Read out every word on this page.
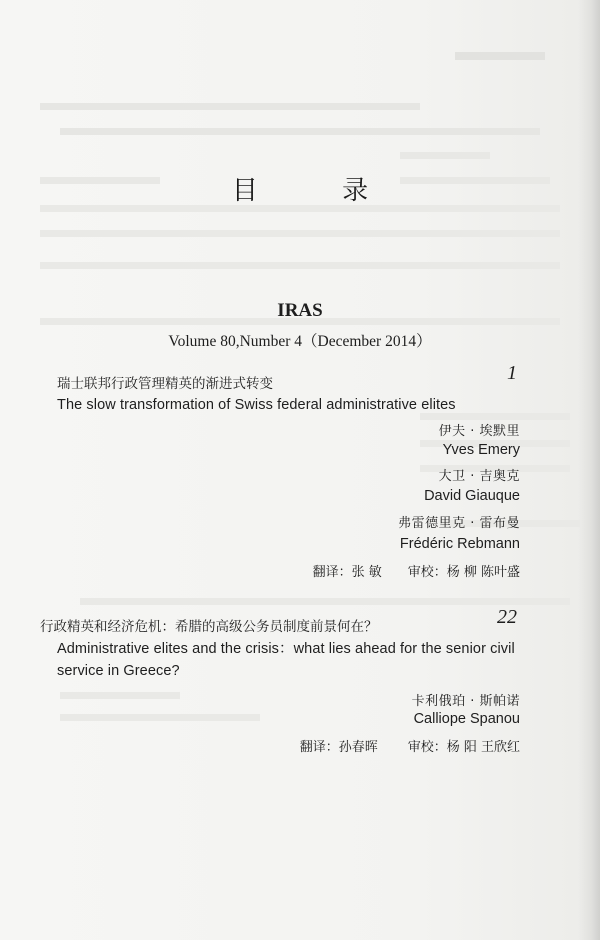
目 录
IRAS
Volume 80,Number 4（December 2014）
瑞士联邦行政管理精英的渐进式转变	1
The slow transformation of Swiss federal administrative elites
伊夫 · 埃默里
Yves Emery
大卫 · 吉奥克
David Giauque
弗雷德里克 · 雷布曼
Frédéric Rebmann
翻译：张 敏 审校：杨 柳 陈叶盛
行政精英和经济危机：希腊的高级公务员制度前景何在？	22
Administrative elites and the crisis：what lies ahead for the senior civil service in Greece?
卡利俄珀 · 斯帕诺
Calliope Spanou
翻译：孙春晖 审校：杨 阳 王欣红
